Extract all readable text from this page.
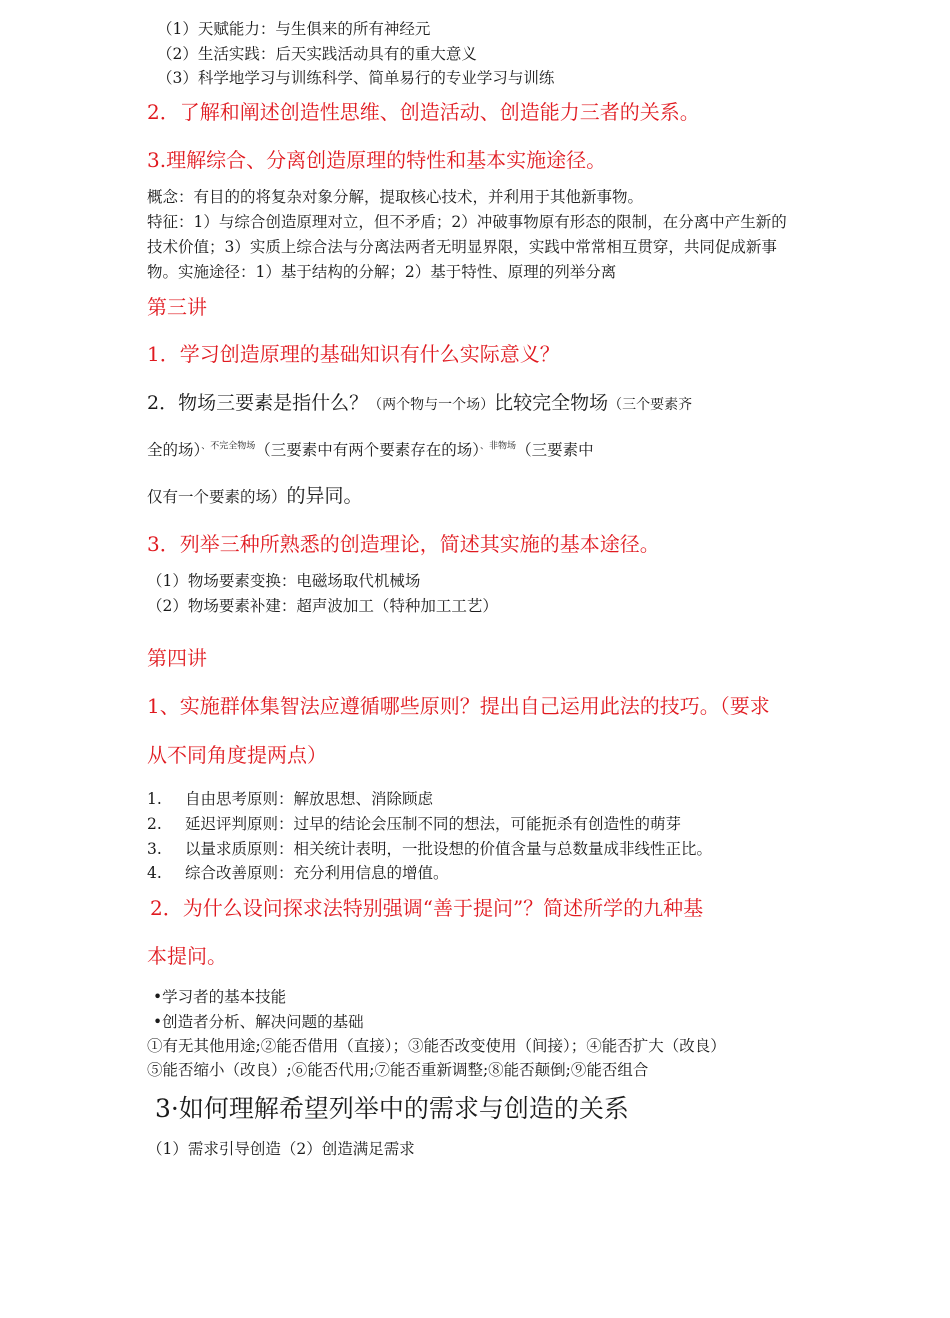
（1）天赋能力：与生俱来的所有神经元
（2）生活实践：后天实践活动具有的重大意义
（3）科学地学习与训练科学、简单易行的专业学习与训练
2．了解和阐述创造性思维、创造活动、创造能力三者的关系。
3.理解综合、分离创造原理的特性和基本实施途径。
概念：有目的的将复杂对象分解，提取核心技术，并利用于其他新事物。
特征：1）与综合创造原理对立，但不矛盾；2）冲破事物原有形态的限制，在分离中产生新的
技术价值；3）实质上综合法与分离法两者无明显界限，实践中常常相互贯穿，共同促成新事
物。实施途径：1）基于结构的分解；2）基于特性、原理的列举分离
第三讲
1．学习创造原理的基础知识有什么实际意义？
2．物场三要素是指什么？（两个物与一个场）比较完全物场（三个要素齐
全的场）$^{、不完全物场}$（三要素中有两个要素存在的场）$^{、非物场}$（三要素中
仅有一个要素的场）的异同。
3．列举三种所熟悉的创造理论，简述其实施的基本途径。
（1）物场要素变换：电磁场取代机械场
（2）物场要素补建：超声波加工（特种加工工艺）
第四讲
1、实施群体集智法应遵循哪些原则？提出自己运用此法的技巧。（要求
从不同角度提两点）
1. 自由思考原则：解放思想、消除顾虑
2. 延迟评判原则：过早的结论会压制不同的想法，可能扼杀有创造性的萌芽
3. 以量求质原则：相关统计表明，一批设想的价值含量与总数量成非线性正比。
4. 综合改善原则：充分利用信息的增值。
2．为什么设问探求法特别强调“善于提问”？简述所学的九种基
本提问。
•学习者的基本技能
•创造者分析、解决问题的基础
①有无其他用途;②能否借用（直接）；③能否改变使用（间接）；④能否扩大（改良）
⑤能否缩小（改良）;⑥能否代用;⑦能否重新调整;⑧能否颠倒;⑨能否组合
3·如何理解希望列举中的需求与创造的关系
（1）需求引导创造（2）创造满足需求
